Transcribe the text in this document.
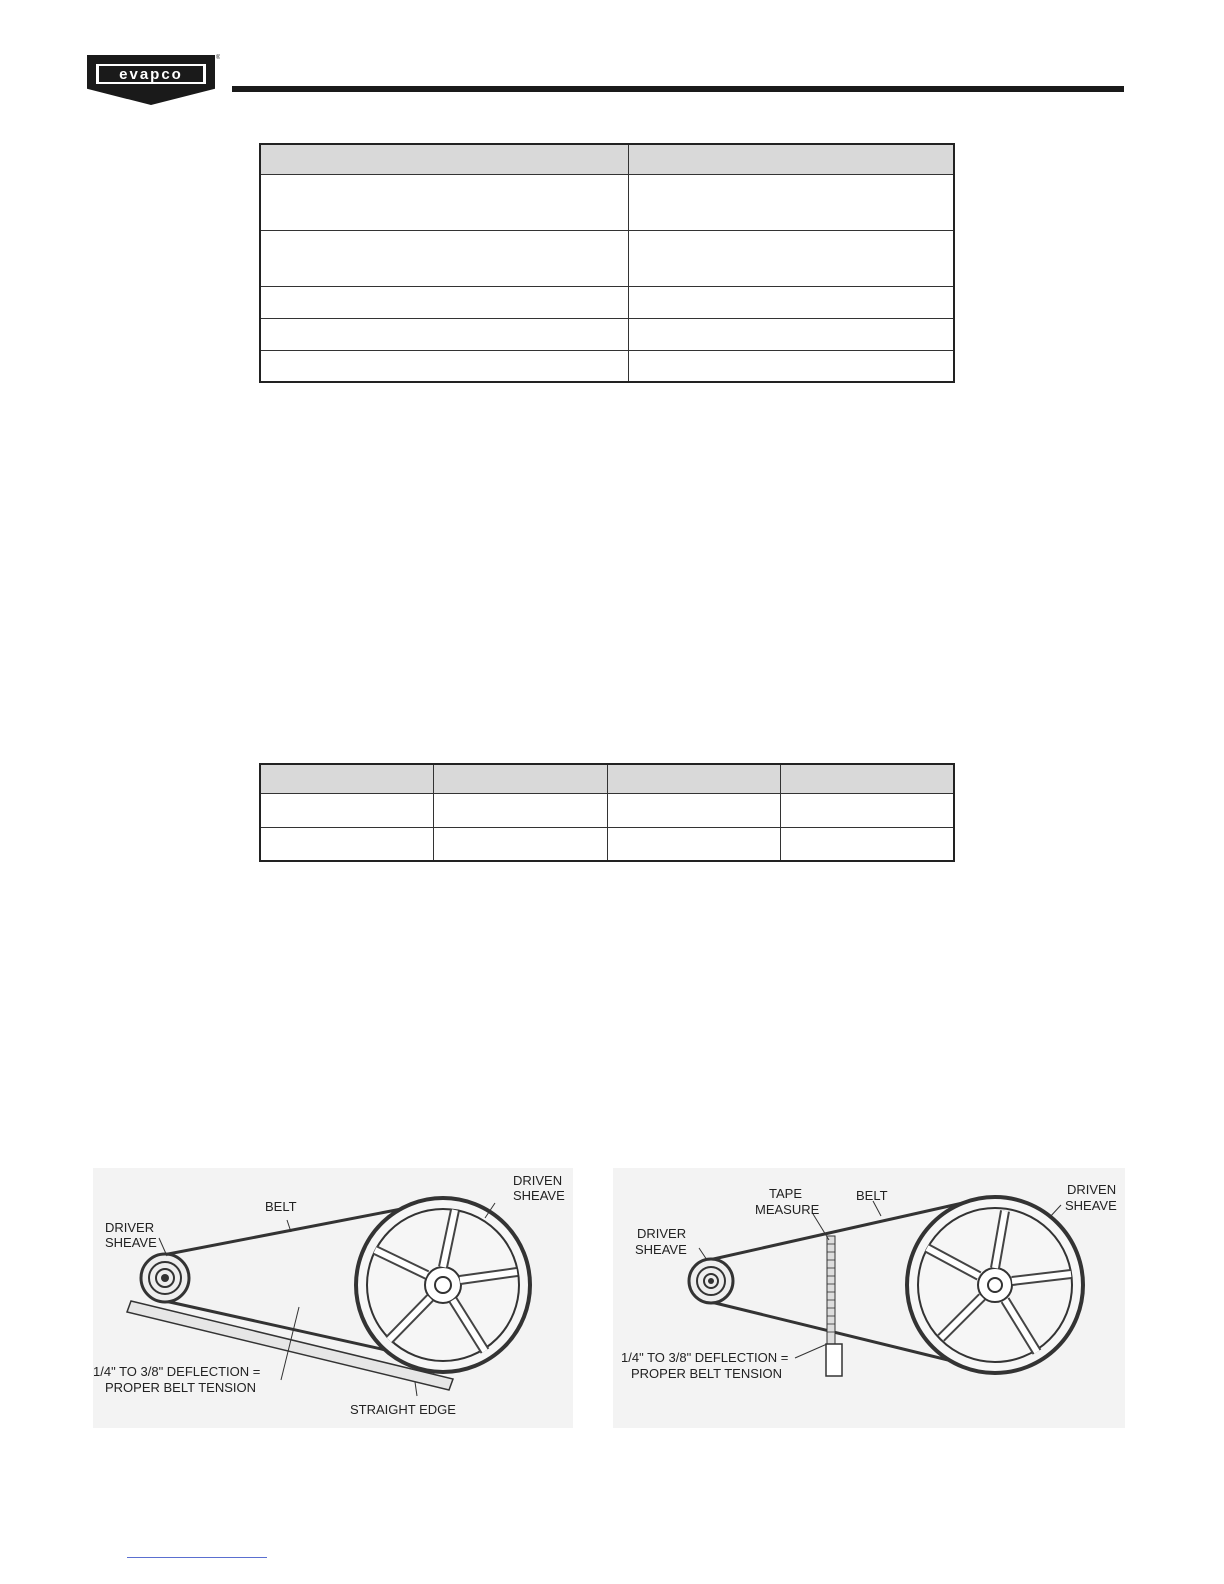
evapco
®

BELT
DRIVEN
SHEAVE
DRIVER
SHEAVE
1/4" TO 3/8" DEFLECTION =
PROPER BELT TENSION
STRAIGHT EDGE
TAPE
MEASURE
BELT	DRIVEN
SHEAVE
DRIVER
SHEAVE
1/4" TO 3/8" DEFLECTION =
PROPER BELT TENSION
